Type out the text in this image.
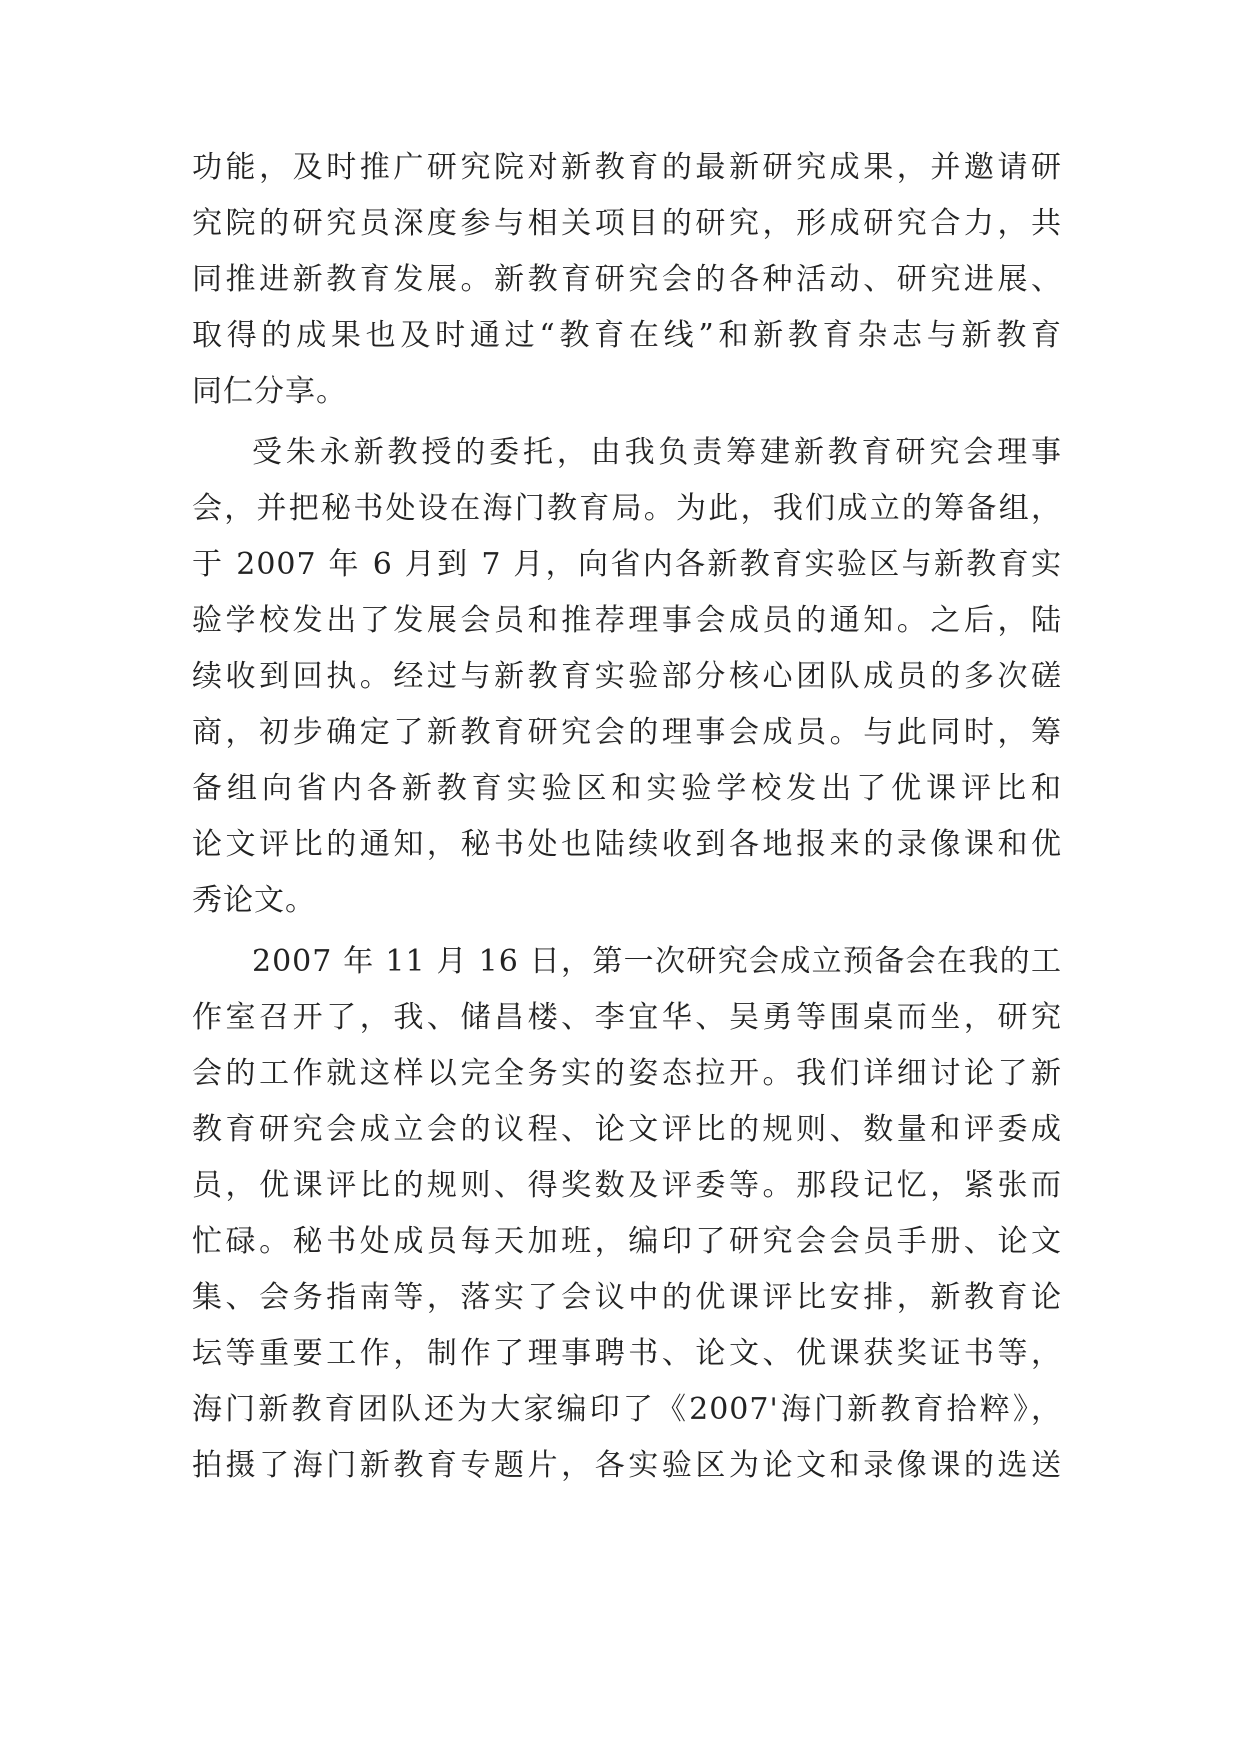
功能，及时推广研究院对新教育的最新研究成果，并邀请研
究院的研究员深度参与相关项目的研究，形成研究合力，共
同推进新教育发展。新教育研究会的各种活动、研究进展、
取得的成果也及时通过“教育在线”和新教育杂志与新教育
同仁分享。
受朱永新教授的委托，由我负责筹建新教育研究会理事
会，并把秘书处设在海门教育局。为此，我们成立的筹备组，
于 2007 年 6 月到 7 月，向省内各新教育实验区与新教育实
验学校发出了发展会员和推荐理事会成员的通知。之后，陆
续收到回执。经过与新教育实验部分核心团队成员的多次磋
商，初步确定了新教育研究会的理事会成员。与此同时，筹
备组向省内各新教育实验区和实验学校发出了优课评比和
论文评比的通知，秘书处也陆续收到各地报来的录像课和优
秀论文。
2007 年 11 月 16 日，第一次研究会成立预备会在我的工
作室召开了，我、储昌楼、李宜华、吴勇等围桌而坐，研究
会的工作就这样以完全务实的姿态拉开。我们详细讨论了新
教育研究会成立会的议程、论文评比的规则、数量和评委成
员，优课评比的规则、得奖数及评委等。那段记忆，紧张而
忙碌。秘书处成员每天加班，编印了研究会会员手册、论文
集、会务指南等，落实了会议中的优课评比安排，新教育论
坛等重要工作，制作了理事聘书、论文、优课获奖证书等，
海门新教育团队还为大家编印了《2007'海门新教育拾粹》，
拍摄了海门新教育专题片，各实验区为论文和录像课的选送
